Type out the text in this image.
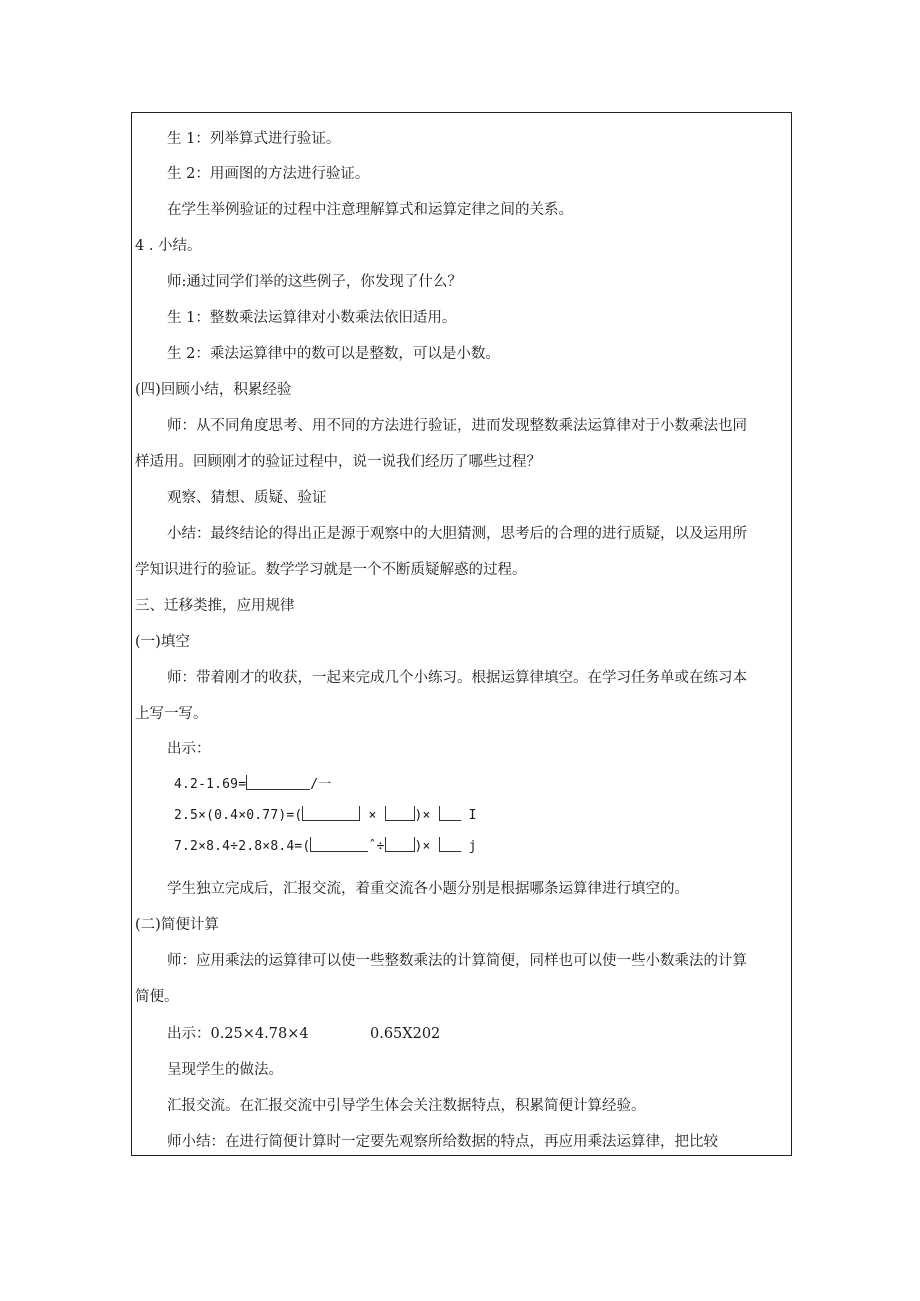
生 1：列举算式进行验证。
生 2：用画图的方法进行验证。
在学生举例验证的过程中注意理解算式和运算定律之间的关系。
4 . 小结。
师:通过同学们举的这些例子，你发现了什么？
生 1：整数乘法运算律对小数乘法依旧适用。
生 2：乘法运算律中的数可以是整数，可以是小数。
(四)回顾小结，积累经验
师：从不同角度思考、用不同的方法进行验证，进而发现整数乘法运算律对于小数乘法也同
样适用。回顾刚才的验证过程中，说一说我们经历了哪些过程？
观察、猜想、质疑、验证
小结：最终结论的得出正是源于观察中的大胆猜测，思考后的合理的进行质疑，以及运用所
学知识进行的验证。数学学习就是一个不断质疑解惑的过程。
三、迁移类推，应用规律
(一)填空
师：带着刚才的收获，一起来完成几个小练习。根据运算律填空。在学习任务单或在练习本
上写一写。
出示：
4.2-1.69=	/一
2.5×(0.4×0.77)=(	×	)×	I
7.2×8.4÷2.8×8.4=(	ˆ÷ )×	j
学生独立完成后，汇报交流，着重交流各小题分别是根据哪条运算律进行填空的。
(二)简便计算
师：应用乘法的运算律可以使一些整数乘法的计算简便，同样也可以使一些小数乘法的计算
简便。
出示：0.25×4.78×4	0.65X202
呈现学生的做法。
汇报交流。在汇报交流中引导学生体会关注数据特点，积累简便计算经验。
师小结：在进行简便计算时一定要先观察所给数据的特点，再应用乘法运算律，把比较
